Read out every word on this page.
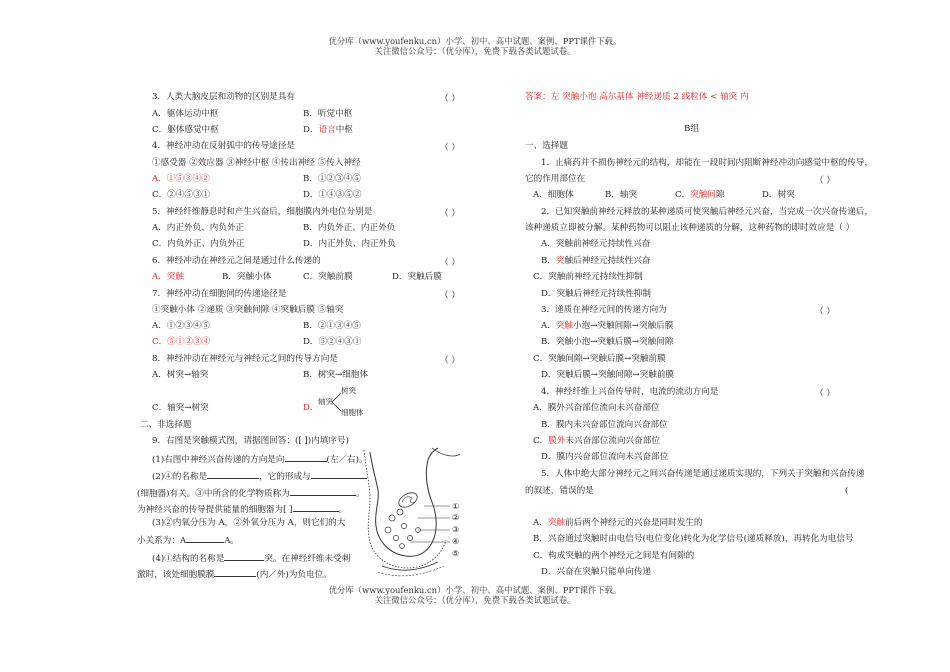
优分库（www.youfenku.cn）小学、初中、高中试题、案例、PPT课件下载。
关注微信公众号：（优分库），免费下载各类试题试卷。
3．人类大脑皮层和动物的区别是具有	（ ）
A．躯体运动中枢	B．听觉中枢
C．躯体感觉中枢	D．语言中枢
4．神经冲动在反射弧中的传导途径是	（ ）
①感受器 ②效应器 ③神经中枢 ④传出神经 ⑤传入神经
A．①⑤③④②	B．①②③④⑤
C．②④⑤③①	D．①④③⑤②
5．神经纤维静息时和产生兴奋后，细胞膜内外电位分别是	（ ）
A．内正外负、内负外正	B．内负外正、内正外负
C．内负外正、内负外正	D．内正外负、内正外负
6．神经冲动在神经元之间是通过什么传递的	（ ）
A．突触	B．突触小体	C．突触前膜	D．突触后膜
7．神经冲动在细胞间的传递途径是	（ ）
①突触小体 ②递质 ③突触间隙 ④突触后膜 ⑤轴突
A．①②③④⑤	B．②①③④⑤
C．⑤①②③④	D．⑤②④③①
8．神经冲动在神经元与神经元之间的传导方向是	（ ）
A．树突→轴突	B．树突→细胞体
C．轴突→树突	D．
轴突
树突
细胞体
二、非选择题
9．右图是突触模式图，请据图回答：([ ])内填序号)
(1)右图中神经兴奋传递的方向是向	(左／右)。
(2)④的名称是	，它的形成与
(细胞器)有关。③中所含的化学物质称为	。
为神经兴奋的传导提供能量的细胞器为[ ]	。
(3)②内氧分压为 A，②外氧分压为 A，则它们的大
小关系为：A	A。
(4)①结构的名称是	突。在神经纤维未受刺
激时，该处细胞膜膜	(内／外)为负电位。
①
②
③
④
⑤
答案：左 突触小泡 高尔基体 神经递质 2 线粒体 < 轴突 内
B组
一、选择题
1．止痛药并不损伤神经元的结构，却能在一段时间内阻断神经冲动向感觉中枢的传导，
它的作用部位在	（ ）
A．细胞体	B．轴突	C．突触间隙	D．树突
2．已知突触前神经元释放的某种递质可使突触后神经元兴奋，当完成一次兴奋传递后，
该种递质立即被分解。某种药物可以阻止该种递质的分解，这种药物的即时效应是（ ）
A．突触前神经元持续性兴奋
B．突触后神经元持续性兴奋
C．突触前神经元持续性抑制
D．突触后神经元持续性抑制
3．递质在神经元间的传递方向为	（ ）
A．突触小泡→突触间隙→突触后膜
B．突触小泡→突触后膜→突触间隙
C．突触间隙→突触后膜→突触前膜
D．突触后膜→突触间隙→突触前膜
4．神经纤维上兴奋传导时，电流的流动方向是	（ ）
A．膜外兴奋部位流向未兴奋部位
B．膜内未兴奋部位流向兴奋部位
C．膜外未兴奋部位流向兴奋部位
D．膜内兴奋部位流向未兴奋部位
5．人体中绝大部分神经元之间兴奋传递是通过递质实现的，下列关于突触和兴奋传递
的叙述，错误的是	(
A．突触前后两个神经元的兴奋是同时发生的
B．兴奋通过突触时由电信号(电位变化)转化为化学信号(递质释放)，再转化为电信号
C．构成突触的两个神经元之间是有间隙的
D．兴奋在突触只能单向传递
优分库（www.youfenku.cn）小学、初中、高中试题、案例、PPT课件下载。
关注微信公众号：（优分库），免费下载各类试题试卷。
